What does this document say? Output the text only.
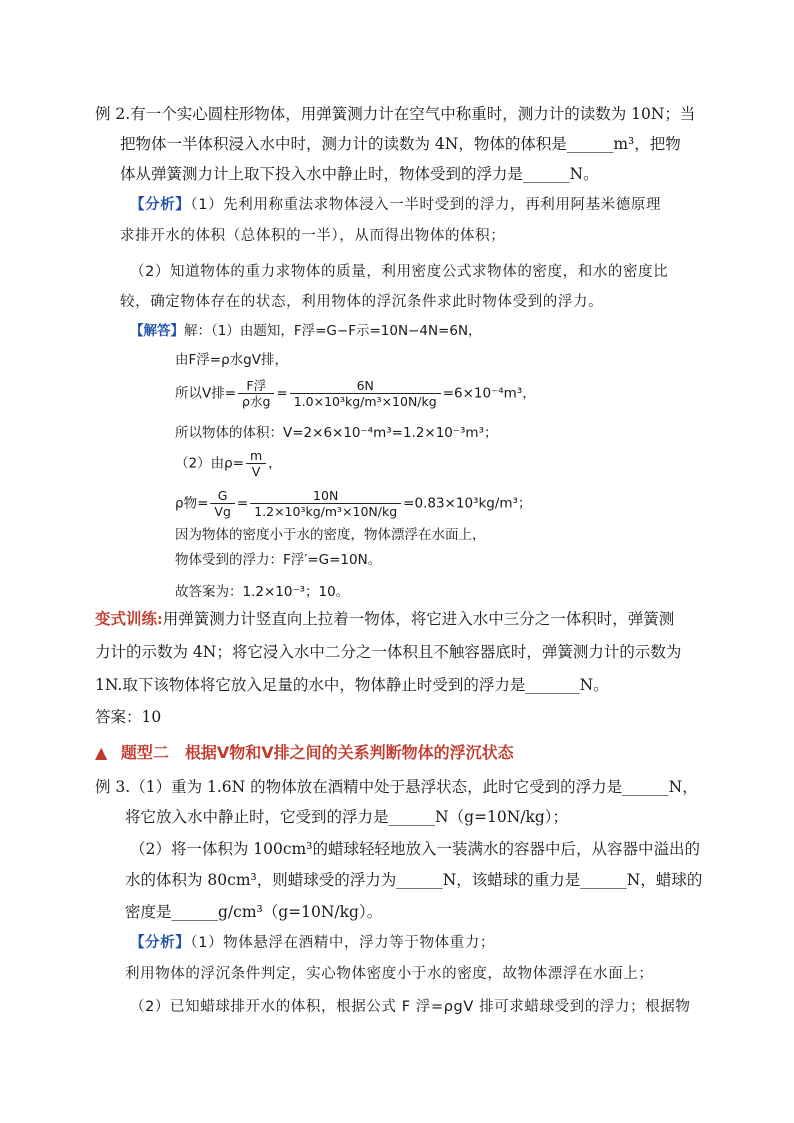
例 2.有一个实心圆柱形物体，用弹簧测力计在空气中称重时，测力计的读数为 10N；当
把物体一半体积浸入水中时，测力计的读数为 4N，物体的体积是______m³，把物
体从弹簧测力计上取下投入水中静止时，物体受到的浮力是______N。
【分析】（1）先利用称重法求物体浸入一半时受到的浮力，再利用阿基米德原理
求排开水的体积（总体积的一半），从而得出物体的体积；
（2）知道物体的重力求物体的质量，利用密度公式求物体的密度，和水的密度比
较，确定物体存在的状态，利用物体的浮沉条件求此时物体受到的浮力。
【解答】解：（1）由题知，F浮=G−F示=10N−4N=6N，
由F浮=ρ水gV排，
所以V排= $\frac{\text{F浮}}{\text{ρ水g}} = \frac{6N}{\text{1.0×10³kg/m³×10N/kg}} =6\times 10^{-4}m^3$，
所以物体的体积：V=2×6×10⁻⁴m³=1.2×10⁻³m³；
（2）由$\rho= \frac{m}{V}$ ，
ρ物= $\frac{G}{Vg} = \frac{10N}{\text{1.2×10³kg/m³×10N/kg}} =0.83\times 10^3kg/m^3$；
因为物体的密度小于水的密度，物体漂浮在水面上，
物体受到的浮力：F浮′=G=10N。
故答案为：1.2×10⁻³；10。
变式训练:用弹簧测力计竖直向上拉着一物体，将它进入水中三分之一体积时，弹簧测
力计的示数为 4N；将它浸入水中二分之一体积且不触容器底时，弹簧测力计的示数为
1N.取下该物体将它放入足量的水中，物体静止时受到的浮力是_______N。
答案：10
▲ 题型二　根据V物和V排之间的关系判断物体的浮沉状态
例 3.（1）重为 1.6N 的物体放在酒精中处于悬浮状态，此时它受到的浮力是______N，
将它放入水中静止时，它受到的浮力是______N（g=10N/kg）；
（2）将一体积为 100cm³的蜡球轻轻地放入一装满水的容器中后，从容器中溢出的
水的体积为 80cm³，则蜡球受的浮力为______N，该蜡球的重力是______N，蜡球的
密度是______g/cm³（g=10N/kg）。
【分析】（1）物体悬浮在酒精中，浮力等于物体重力；
利用物体的浮沉条件判定，实心物体密度小于水的密度，故物体漂浮在水面上；
（2）已知蜡球排开水的体积，根据公式 F 浮=ρgV 排可求蜡球受到的浮力；根据物
